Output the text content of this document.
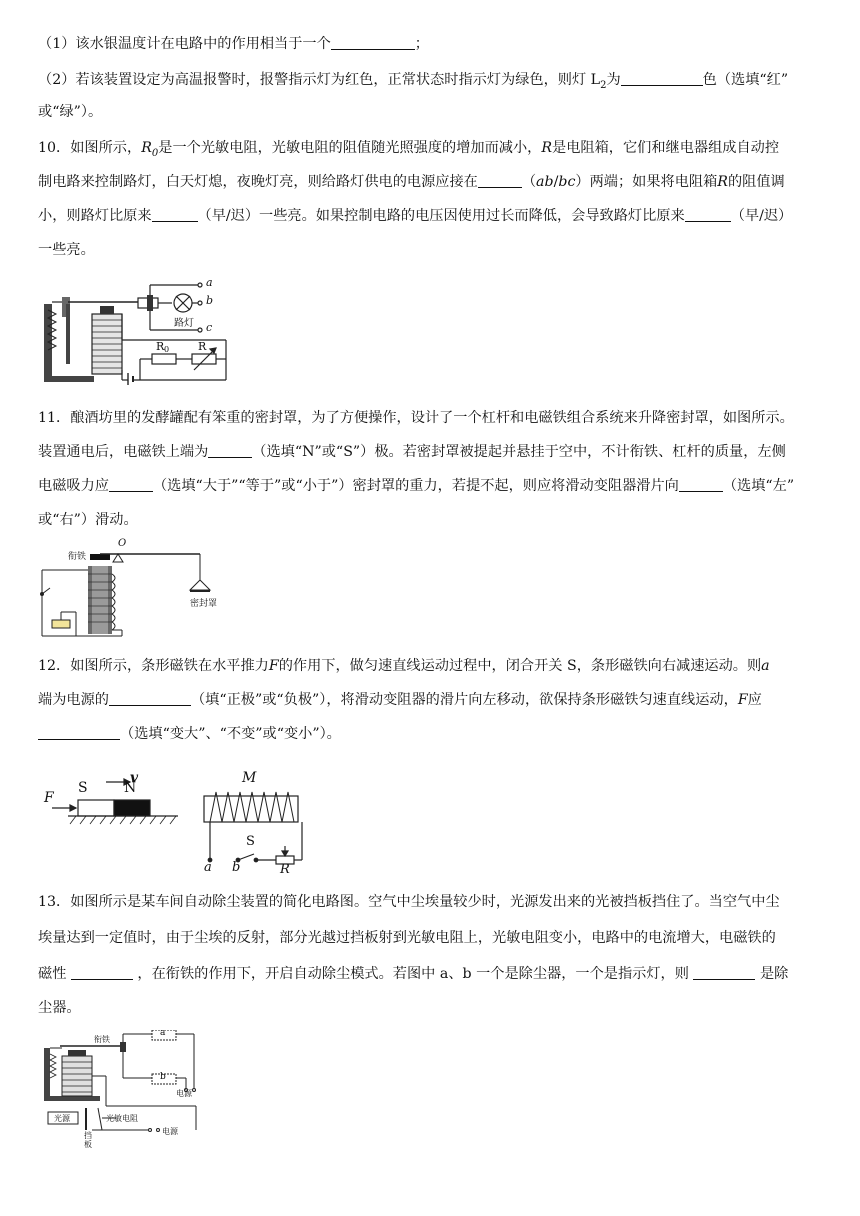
（1）该水银温度计在电路中的作用相当于一个	；
（2）若该装置设定为高温报警时，报警指示灯为红色，正常状态时指示灯为绿色，则灯 $L_2$为	色（选填“红”
或“绿”）。
10．如图所示，$R_0$是一个光敏电阻，光敏电阻的阻值随光照强度的增加而减小，R是电阻箱，它们和继电器组成自动控
制电路来控制路灯，白天灯熄，夜晚灯亮，则给路灯供电的电源应接在	（ab/bc）两端；如果将电阻箱R的阻值调
小，则路灯比原来	（早/迟）一些亮。如果控制电路的电压因使用过长而降低，会导致路灯比原来	（早/迟）
一些亮。
a
b
c
路灯
R 0	R
11．酿酒坊里的发酵罐配有笨重的密封罩，为了方便操作，设计了一个杠杆和电磁铁组合系统来升降密封罩，如图所示。
装置通电后，电磁铁上端为	（选填“N”或“S”）极。若密封罩被提起并悬挂于空中，不计衔铁、杠杆的质量，左侧
电磁吸力应	（选填“大于”“等于”或“小于”）密封罩的重力，若提不起，则应将滑动变阻器滑片向	（选填“左”
或“右”）滑动。
衔铁
O
密封罩
12．如图所示，条形磁铁在水平推力F的作用下，做匀速直线运动过程中，闭合开关 S，条形磁铁向右减速运动。则a
端为电源的	（填“正极”或“负极”），将滑动变阻器的滑片向左移动，欲保持条形磁铁匀速直线运动，F应
（选填“变大”、“不变”或“变小”）。
F
v
S	N
M
a b
S
R
13．如图所示是某车间自动除尘装置的简化电路图。空气中尘埃量较少时，光源发出来的光被挡板挡住了。当空气中尘
埃量达到一定值时，由于尘埃的反射，部分光越过挡板射到光敏电阻上，光敏电阻变小，电路中的电流增大，电磁铁的
磁性	，在衔铁的作用下，开启自动除尘模式。若图中 a、b 一个是除尘器，一个是指示灯，则	是除
尘器。
衔铁
a
b
电源
光源	光敏电阻
挡
板
电源
